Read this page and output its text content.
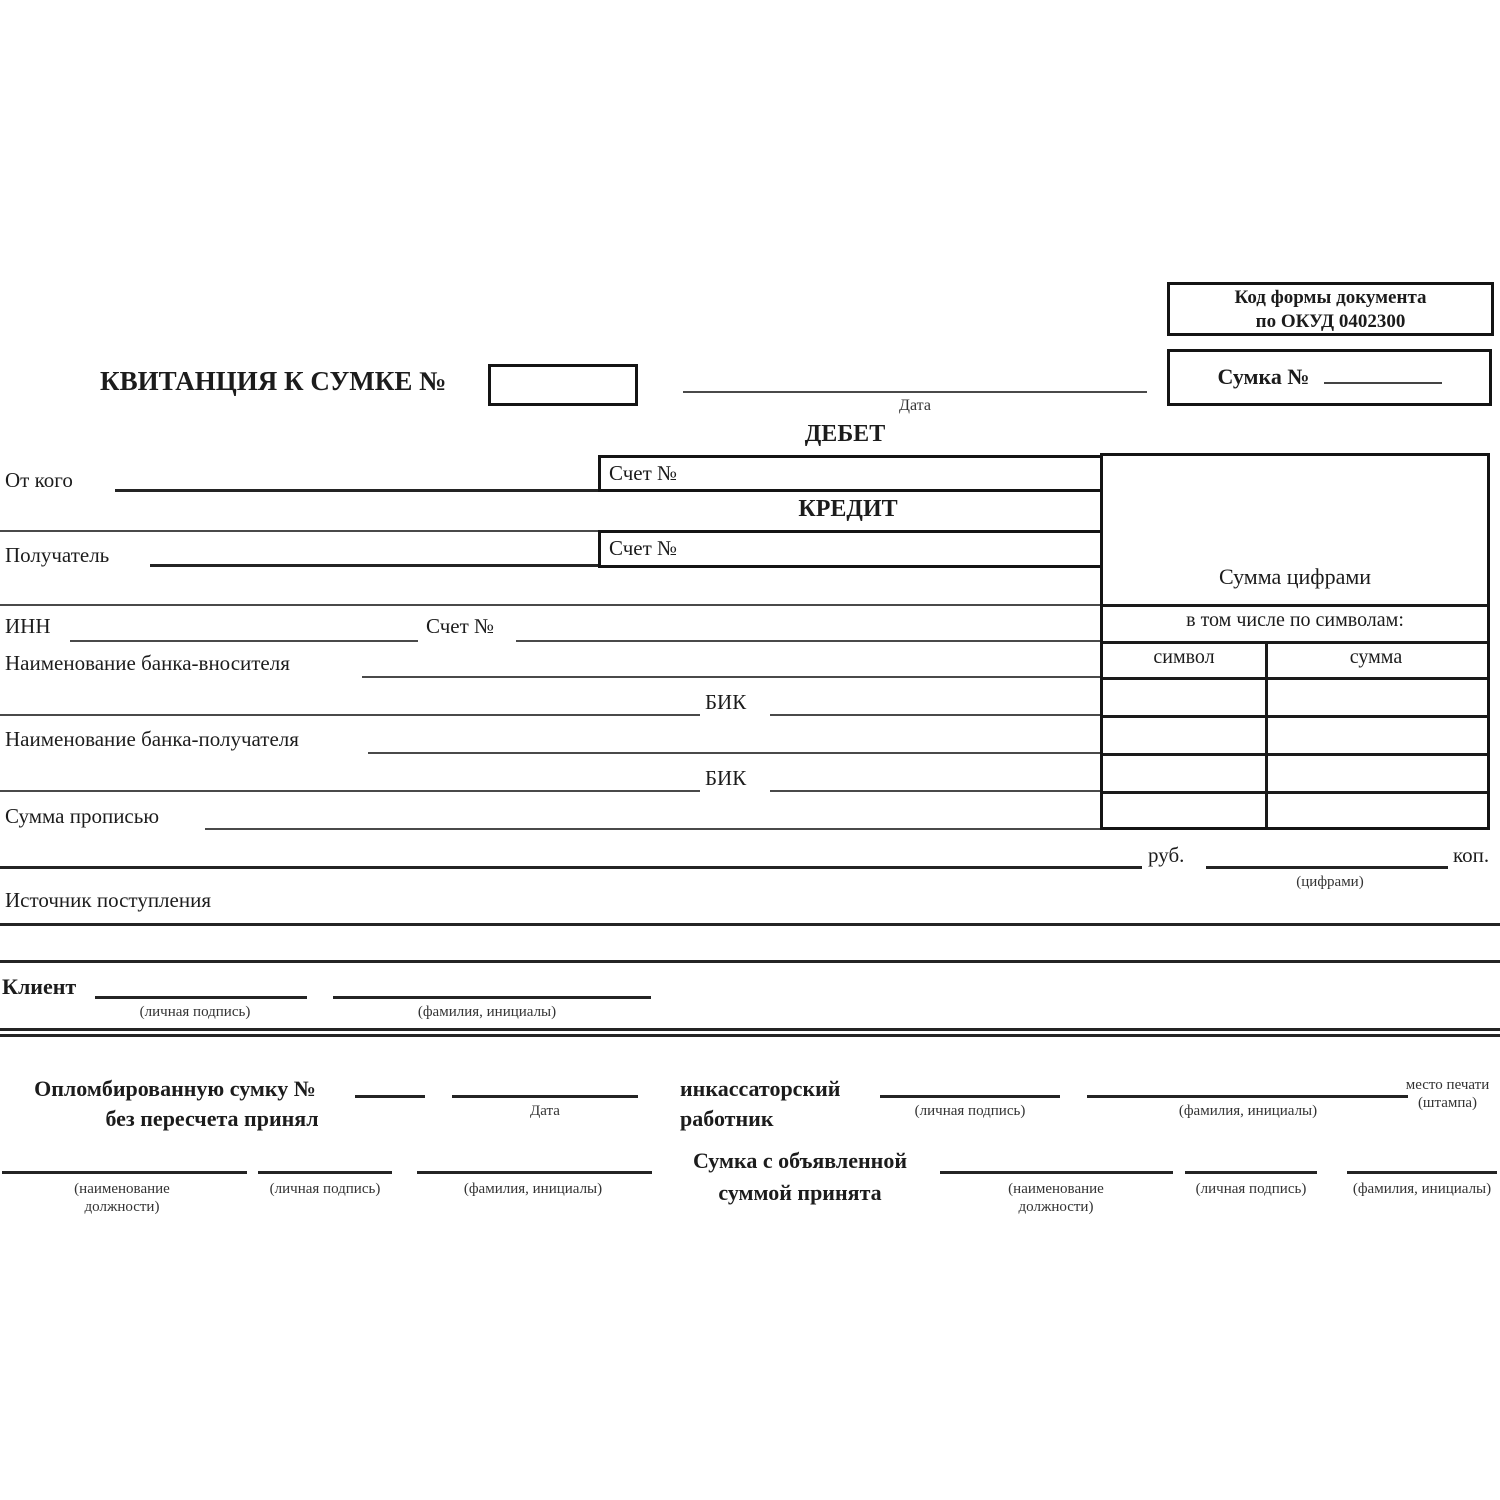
Код формы документа
по ОКУД 0402300
Сумка №
КВИТАНЦИЯ К СУМКЕ №
Дата
ДЕБЕТ
Счет №
КРЕДИТ
Счет №
От кого
Получатель
ИНН	Счет №
Наименование банка-вносителя
БИК
Наименование банка-получателя
БИК
Сумма прописью
Сумма цифрами
в том числе по символам:
символ	сумма
руб.	коп.
(цифрами)
Источник поступления
Клиент
(личная подпись)	(фамилия, инициалы)
Опломбированную сумку №
без пересчета принял	Дата
инкассаторский
работник	(личная подпись)	(фамилия, инициалы)
место печати
(штампа)
Сумка с объявленной
суммой принята
(наименование должности)
(личная подпись)	(фамилия, инициалы)	(наименование должности)
(личная подпись)	(фамилия, инициалы)
